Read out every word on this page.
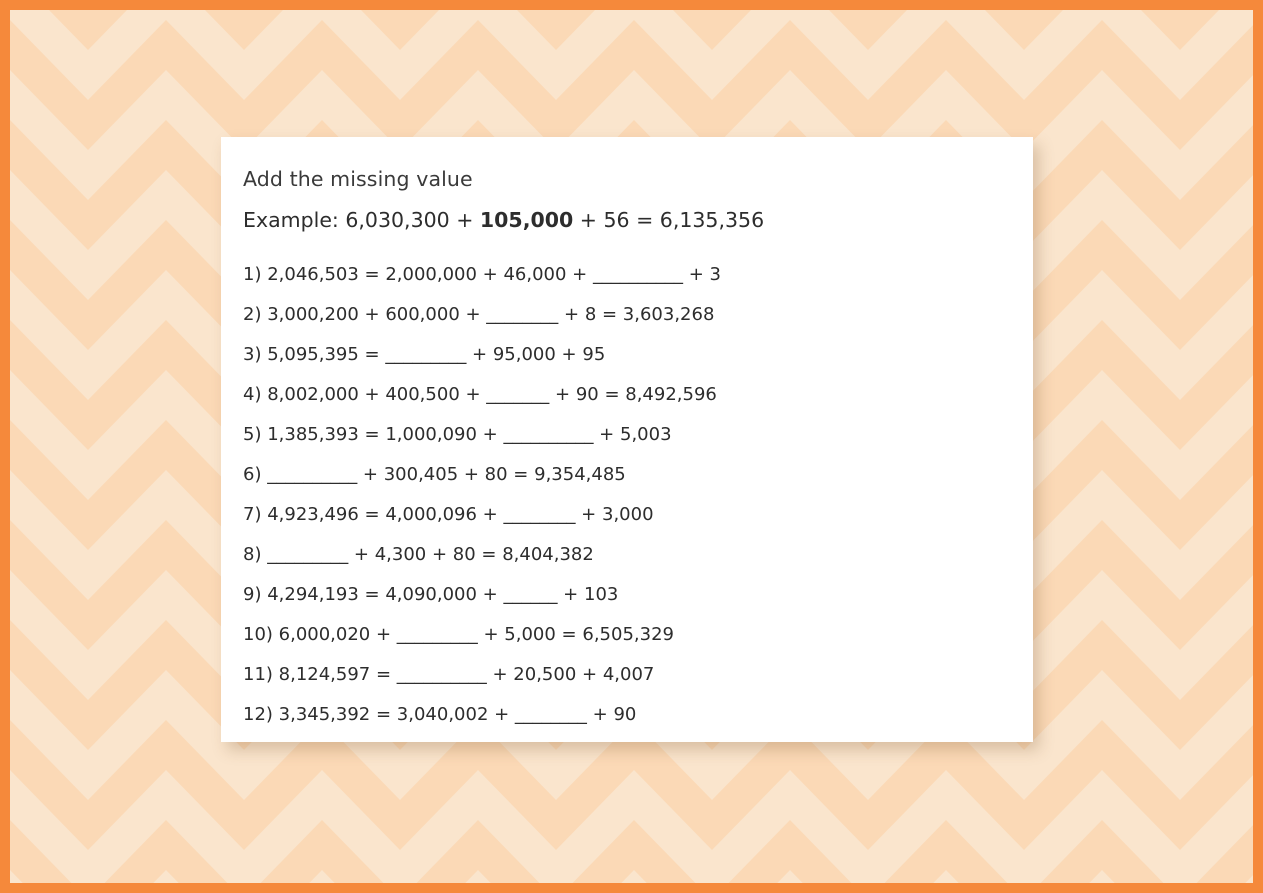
Add the missing value

Example: 6,030,300 + 105,000 + 56 = 6,135,356

1) 2,046,503 = 2,000,000 + 46,000 + __________ + 3

2) 3,000,200 + 600,000 + ________ + 8 = 3,603,268

3) 5,095,395 = _________ + 95,000 + 95

4) 8,002,000 + 400,500 + _______ + 90 = 8,492,596

5) 1,385,393 = 1,000,090 + __________ + 5,003

6) __________ + 300,405 + 80 = 9,354,485

7) 4,923,496 = 4,000,096 + ________ + 3,000

8) _________ + 4,300 + 80 = 8,404,382

9) 4,294,193 = 4,090,000 + ______ + 103

10) 6,000,020 + _________ + 5,000 = 6,505,329

11) 8,124,597 = __________ + 20,500 + 4,007

12) 3,345,392 = 3,040,002 + ________ + 90
